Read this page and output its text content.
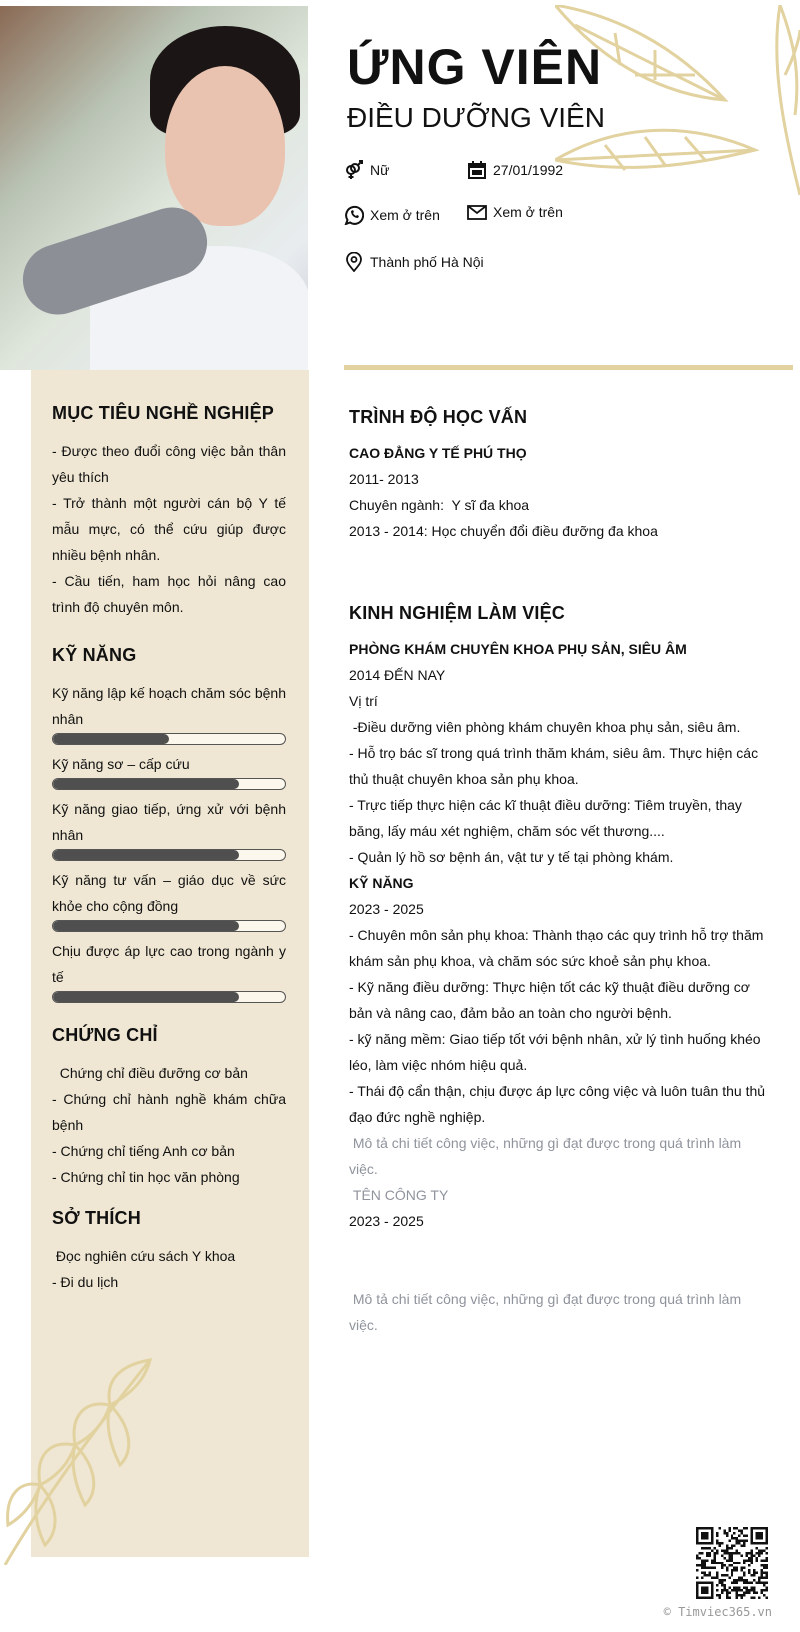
ỨNG VIÊN
ĐIỀU DƯỠNG VIÊN
Nữ	27/01/1992
Xem ở trên	Xem ở trên
Thành phố Hà Nội
MỤC TIÊU NGHỀ NGHIỆP
- Được theo đuổi công việc bản thân yêu thích
- Trở thành một người cán bộ Y tế mẫu mực, có thể cứu giúp được nhiều bệnh nhân.
- Cầu tiến, ham học hỏi nâng cao trình độ chuyên môn.
KỸ NĂNG
Kỹ năng lập kế hoạch chăm sóc bệnh nhân
Kỹ năng sơ – cấp cứu
Kỹ năng giao tiếp, ứng xử với bệnh nhân
Kỹ năng tư vấn – giáo dục về sức khỏe cho cộng đồng
Chịu được áp lực cao trong ngành y tế
CHỨNG CHỈ
Chứng chỉ điều đưỡng cơ bản
- Chứng chỉ hành nghề khám chữa bệnh
- Chứng chỉ tiếng Anh cơ bản
- Chứng chỉ tin học văn phòng
SỞ THÍCH
Đọc nghiên cứu sách Y khoa
- Đi du lịch
TRÌNH ĐỘ HỌC VẤN
CAO ĐẲNG Y TẾ PHÚ THỌ
2011- 2013
Chuyên ngành:  Y sĩ đa khoa
2013 - 2014: Học chuyển đổi điều đưỡng đa khoa
KINH NGHIỆM LÀM VIỆC
PHÒNG KHÁM CHUYÊN KHOA PHỤ SẢN, SIÊU ÂM
2014 ĐẾN NAY
Vị trí
-Điều dưỡng viên phòng khám chuyên khoa phụ sản, siêu âm.
- Hỗ trọ bác sĩ trong quá trình thăm khám, siêu âm. Thực hiện các thủ thuật chuyên khoa sản phụ khoa.
- Trực tiếp thực hiện các kĩ thuật điều dưỡng: Tiêm truyền, thay băng, lấy máu xét nghiệm, chăm sóc vết thương....
- Quản lý hồ sơ bệnh án, vật tư y tế tại phòng khám.
KỸ NĂNG
2023 - 2025
- Chuyên môn sản phụ khoa: Thành thạo các quy trình hỗ trợ thăm khám sản phụ khoa, và chăm sóc sức khoẻ sản phụ khoa.
- Kỹ năng điều dưỡng: Thực hiện tốt các kỹ thuật điều dưỡng cơ bản và nâng cao, đảm bảo an toàn cho người bệnh.
- kỹ năng mềm: Giao tiếp tốt với bệnh nhân, xử lý tình huống khéo léo, làm việc nhóm hiệu quả.
- Thái độ cẩn thận, chịu được áp lực công việc và luôn tuân thu thủ đạo đức nghề nghiệp.
Mô tả chi tiết công việc, những gì đạt được trong quá trình làm việc.
TÊN CÔNG TY
2023 - 2025
Mô tả chi tiết công việc, những gì đạt được trong quá trình làm việc.
© Timviec365.vn
